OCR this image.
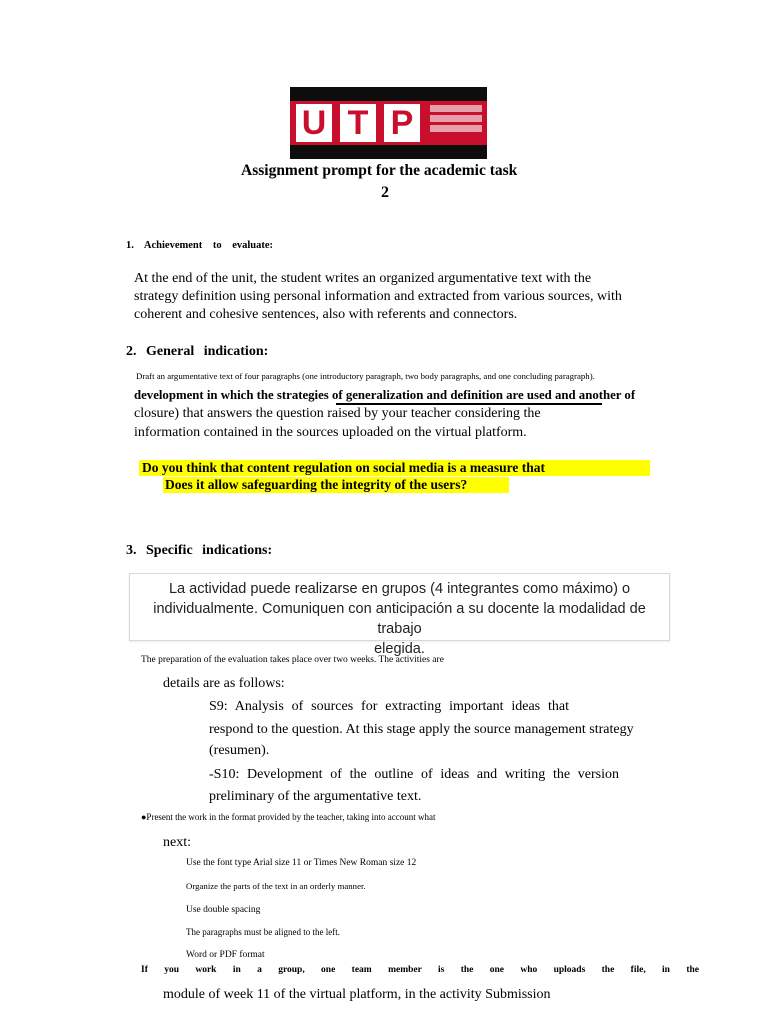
U T P
Assignment prompt for the academic task
2
1. Achievement to evaluate:
At the end of the unit, the student writes an organized argumentative text with the
strategy definition using personal information and extracted from various sources, with
coherent and cohesive sentences, also with referents and connectors.
2. General indication:
Draft an argumentative text of four paragraphs (one introductory paragraph, two body paragraphs, and one concluding paragraph).
development in which the strategies of generalization and definition are used and another of
closure) that answers the question raised by your teacher considering the
information contained in the sources uploaded on the virtual platform.
Do you think that content regulation on social media is a measure that
Does it allow safeguarding the integrity of the users?
3. Specific indications:
La actividad puede realizarse en grupos (4 integrantes como máximo) o
individualmente. Comuniquen con anticipación a su docente la modalidad de trabajo
elegida.
The preparation of the evaluation takes place over two weeks. The activities are
details are as follows:
S9: Analysis of sources for extracting important ideas that
respond to the question. At this stage apply the source management strategy
(resumen).
-S10: Development of the outline of ideas and writing the version
preliminary of the argumentative text.
●Present the work in the format provided by the teacher, taking into account what
next:
Use the font type Arial size 11 or Times New Roman size 12
Organize the parts of the text in an orderly manner.
Use double spacing
The paragraphs must be aligned to the left.
Word or PDF format
If you work in a group, one team member is the one who uploads the file, in the
module of week 11 of the virtual platform, in the activity Submission
